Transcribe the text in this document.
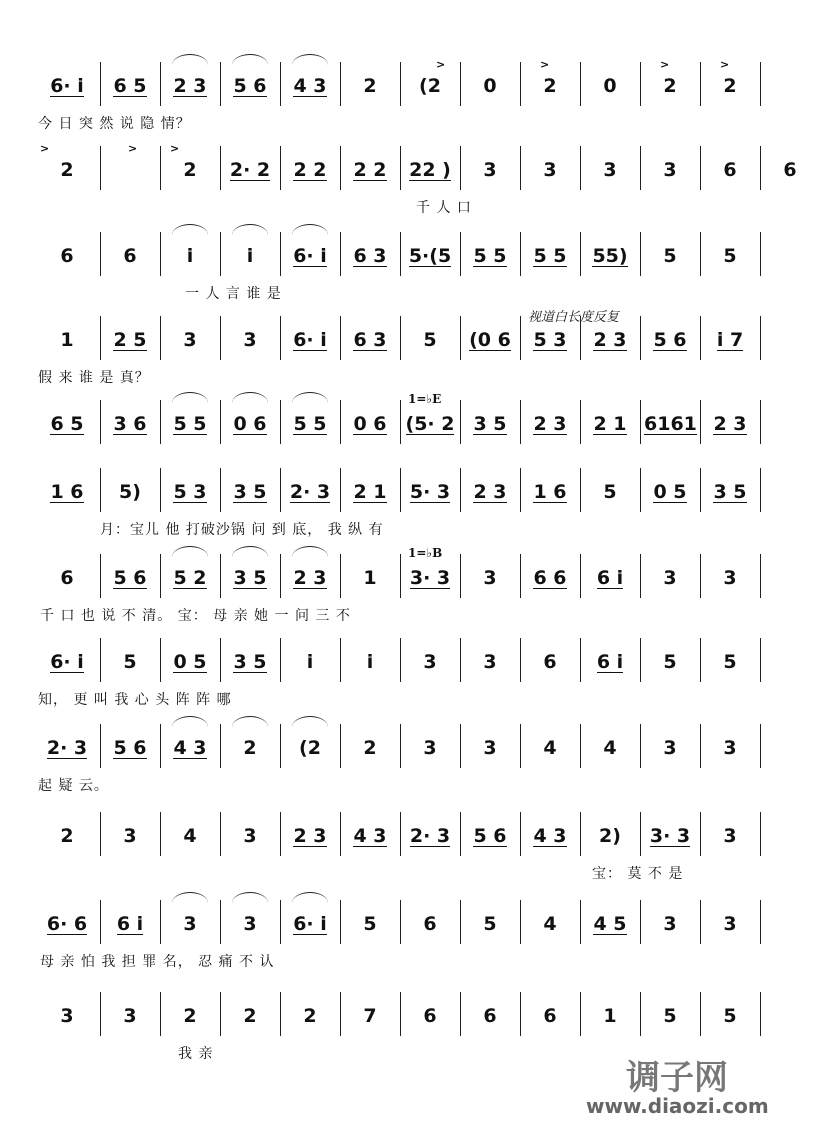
6· i 6 5 2 3 5 6 4 3 2 (2 0 2 0 2 2
今 日 突 然 说 隐 情？
2	2 2· 2 2 2 2 2 22 ) 3 3 3 3 6 6
千 人 口
6	6	i	i 6· i 6 3 5·(5 5 5 5 5 55) 5 5
一 人 言 谁 是
1 2 5 3 3 6· i 6 3 5 (0 6 5 3 2 3 5 6 i 7
假 来 谁 是 真？
6 5 3 6 5 5 0 6 5 5 0 6 (5· 2 3 5 2 3 2 1 6161 2 3
1 6 5) 5 3 3 5 2· 3 2 1 5· 3 2 3 1 6 5 0 5 3 5
月：宝儿 他 打破沙锅 问 到 底， 我 纵 有
6 5 6 5 2 3 5 2 3 1 3· 3 3 6 6 6 i 3 3
千 口 也 说 不 清。 宝： 母 亲 她 一 问 三 不
6· i 5 0 5 3 5 i	i	3 3 6 6 i 5 5
知， 更 叫 我 心 头 阵 阵 哪
2· 3 5 6 4 3 2 (2 2 3 3 4 4 3 3
起 疑 云。
2	3 4 3 2 3 4 3 2· 3 5 6 4 3 2) 3· 3 3
宝： 莫 不 是
6· 6 6 i 3 3 6· i 5 6 5 4 4 5 3 3
母 亲 怕 我 担 罪 名， 忍 痛 不 认
3	3 2 2 2 7 6 6 6 1 5 5
我 亲
>	>	>	>
>	>	>
视道白长度反复
1=♭E
1=♭B
调子网
www.diaozi.com
